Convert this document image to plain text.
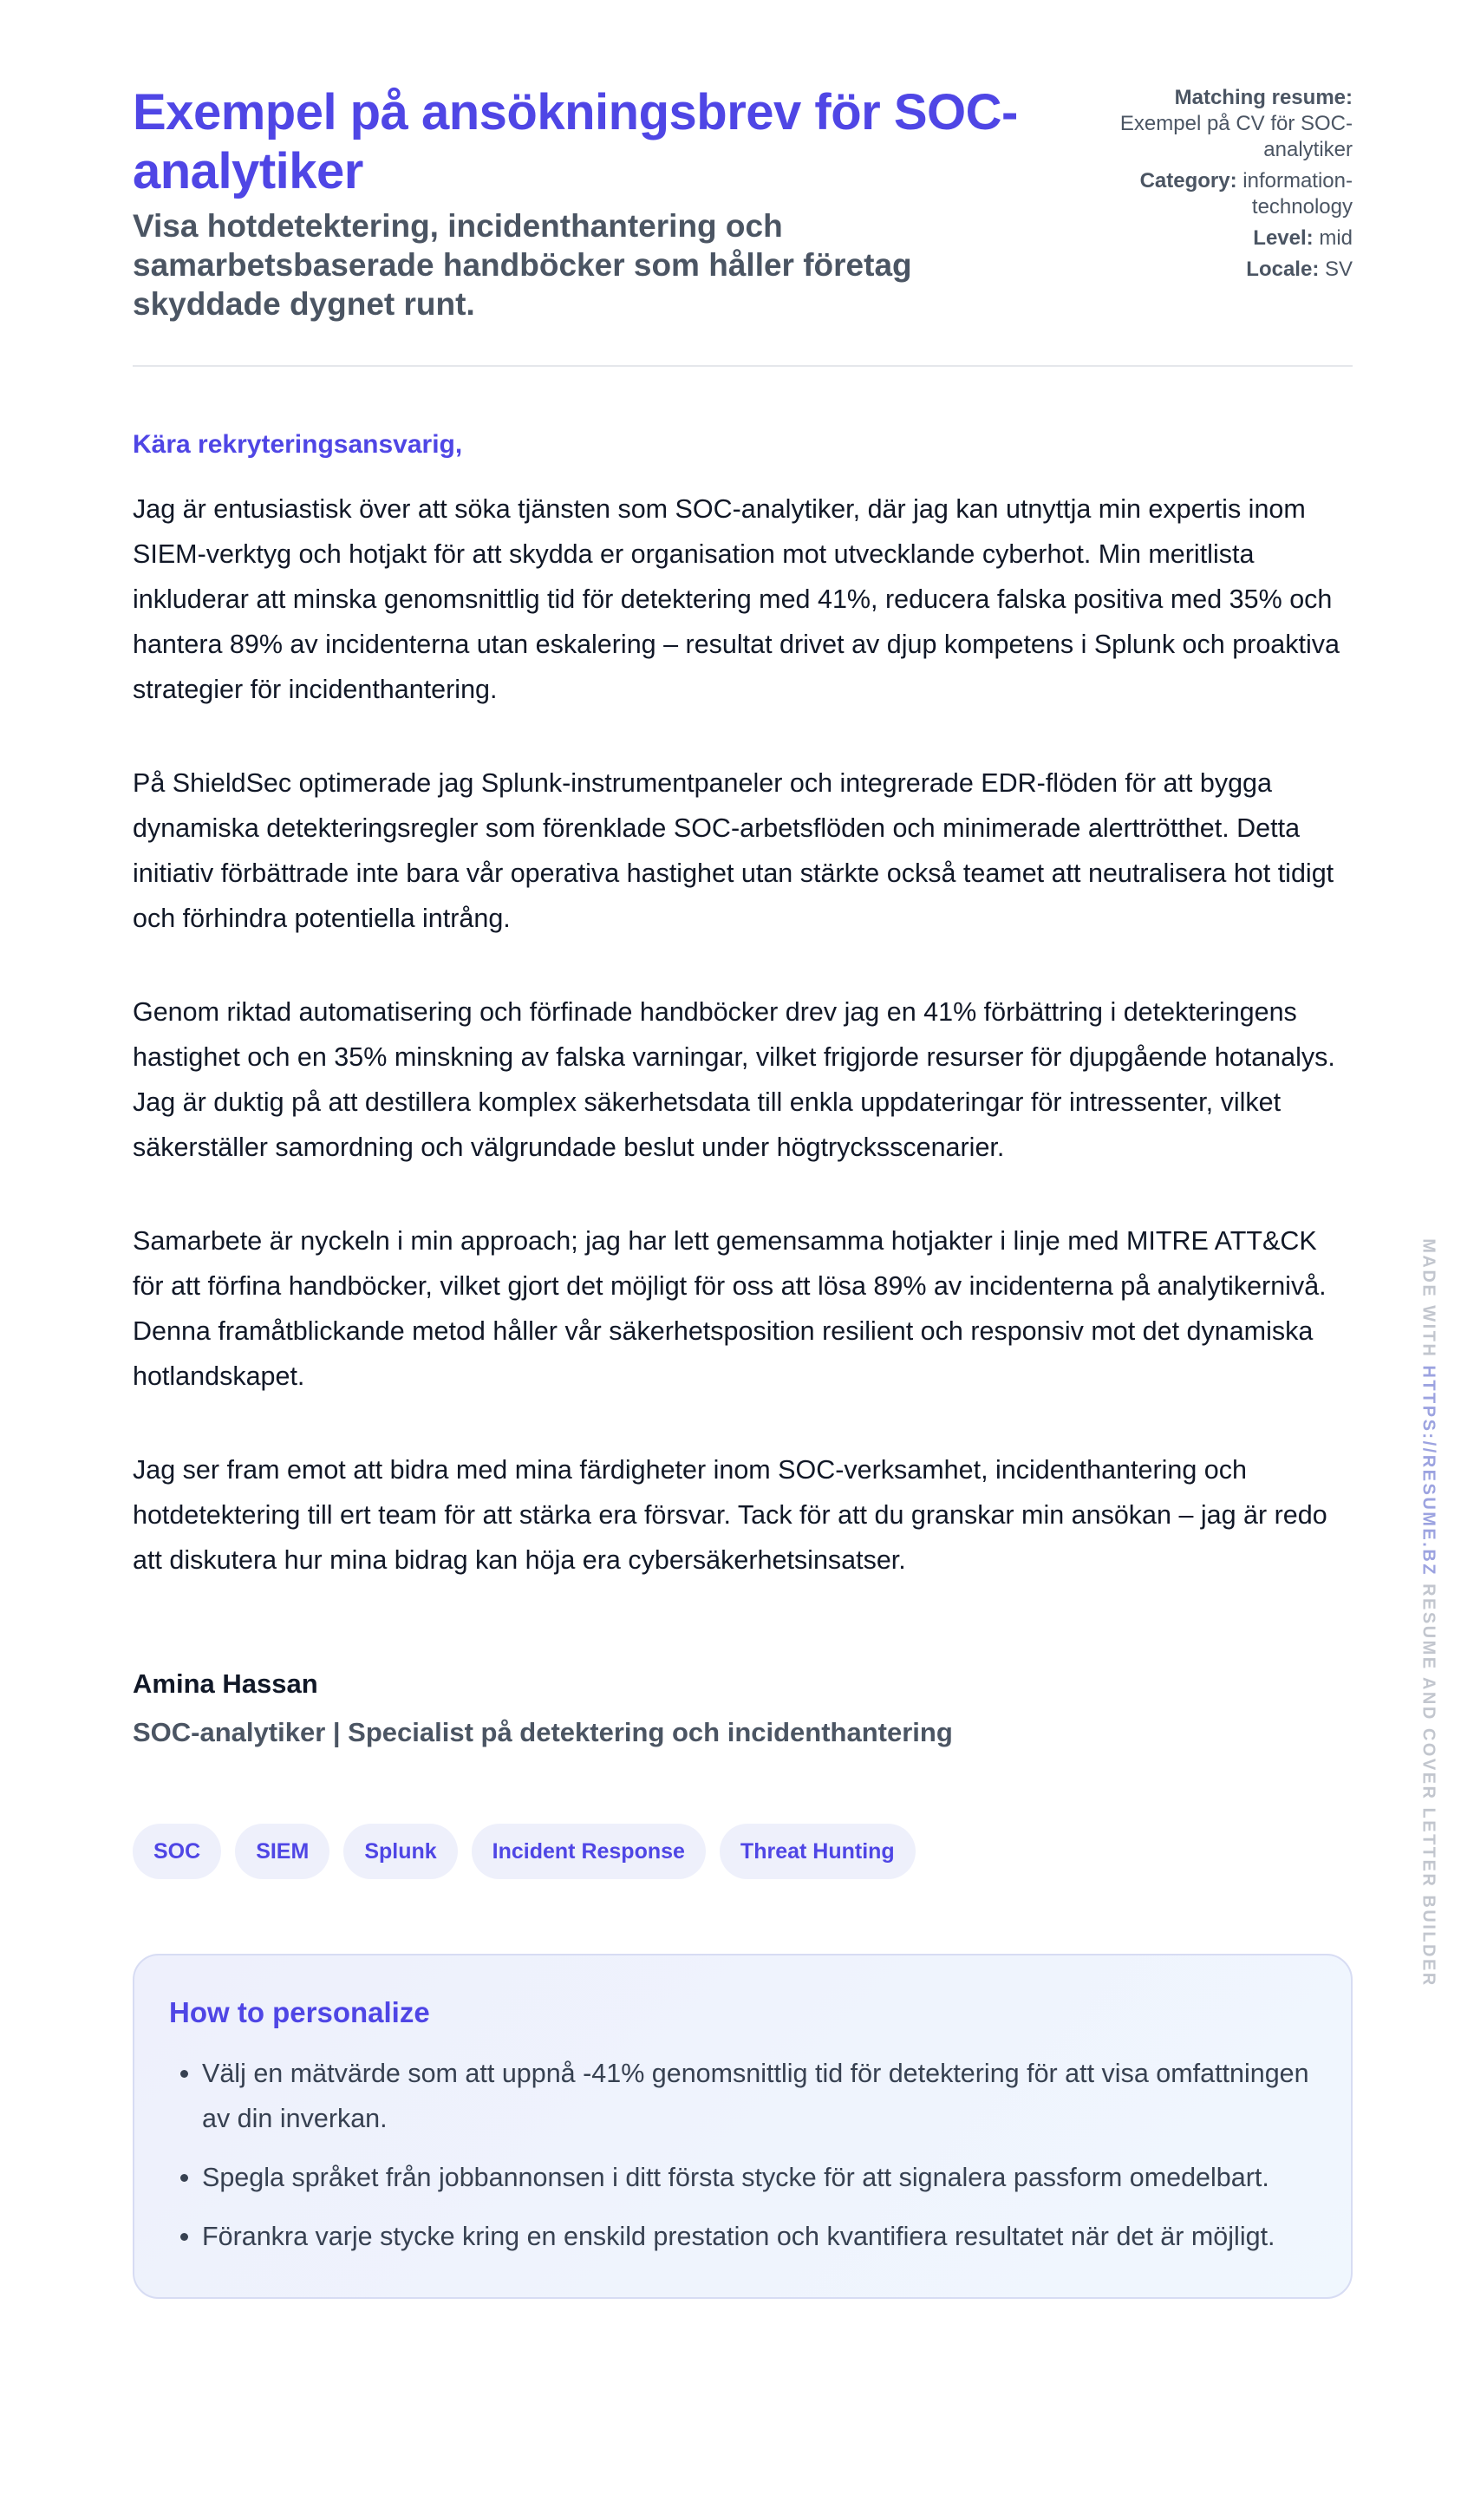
Exempel på ansökningsbrev för SOC-analytiker

Visa hotdetektering, incidenthantering och samarbetsbaserade handböcker som håller företag skyddade dygnet runt.

Matching resume:
Exempel på CV för SOC-analytiker
Category: information-technology
Level: mid
Locale: SV

Kära rekryteringsansvarig,

Jag är entusiastisk över att söka tjänsten som SOC-analytiker, där jag kan utnyttja min expertis inom SIEM-verktyg och hotjakt för att skydda er organisation mot utvecklande cyberhot. Min meritlista inkluderar att minska genomsnittlig tid för detektering med 41%, reducera falska positiva med 35% och hantera 89% av incidenterna utan eskalering – resultat drivet av djup kompetens i Splunk och proaktiva strategier för incidenthantering.

På ShieldSec optimerade jag Splunk-instrumentpaneler och integrerade EDR-flöden för att bygga dynamiska detekteringsregler som förenklade SOC-arbetsflöden och minimerade alerttrötthet. Detta initiativ förbättrade inte bara vår operativa hastighet utan stärkte också teamet att neutralisera hot tidigt och förhindra potentiella intrång.

Genom riktad automatisering och förfinade handböcker drev jag en 41% förbättring i detekteringens hastighet och en 35% minskning av falska varningar, vilket frigjorde resurser för djupgående hotanalys. Jag är duktig på att destillera komplex säkerhetsdata till enkla uppdateringar för intressenter, vilket säkerställer samordning och välgrundade beslut under högtrycksscenarier.

Samarbete är nyckeln i min approach; jag har lett gemensamma hotjakter i linje med MITRE ATT&CK för att förfina handböcker, vilket gjort det möjligt för oss att lösa 89% av incidenterna på analytikernivå. Denna framåtblickande metod håller vår säkerhetsposition resilient och responsiv mot det dynamiska hotlandskapet.

Jag ser fram emot att bidra med mina färdigheter inom SOC-verksamhet, incidenthantering och hotdetektering till ert team för att stärka era försvar. Tack för att du granskar min ansökan – jag är redo att diskutera hur mina bidrag kan höja era cybersäkerhetsinsatser.

Amina Hassan

SOC-analytiker | Specialist på detektering och incidenthantering

SOC	SIEM	Splunk	Incident Response	Threat Hunting
How to personalize
• Välj en mätvärde som att uppnå -41% genomsnittlig tid för detektering för att visa omfattningen av din inverkan.
• Spegla språket från jobbannonsen i ditt första stycke för att signalera passform omedelbart.
• Förankra varje stycke kring en enskild prestation och kvantifiera resultatet när det är möjligt.
MADE WITH HTTPS://RESUME.BZ RESUME AND COVER LETTER BUILDER
